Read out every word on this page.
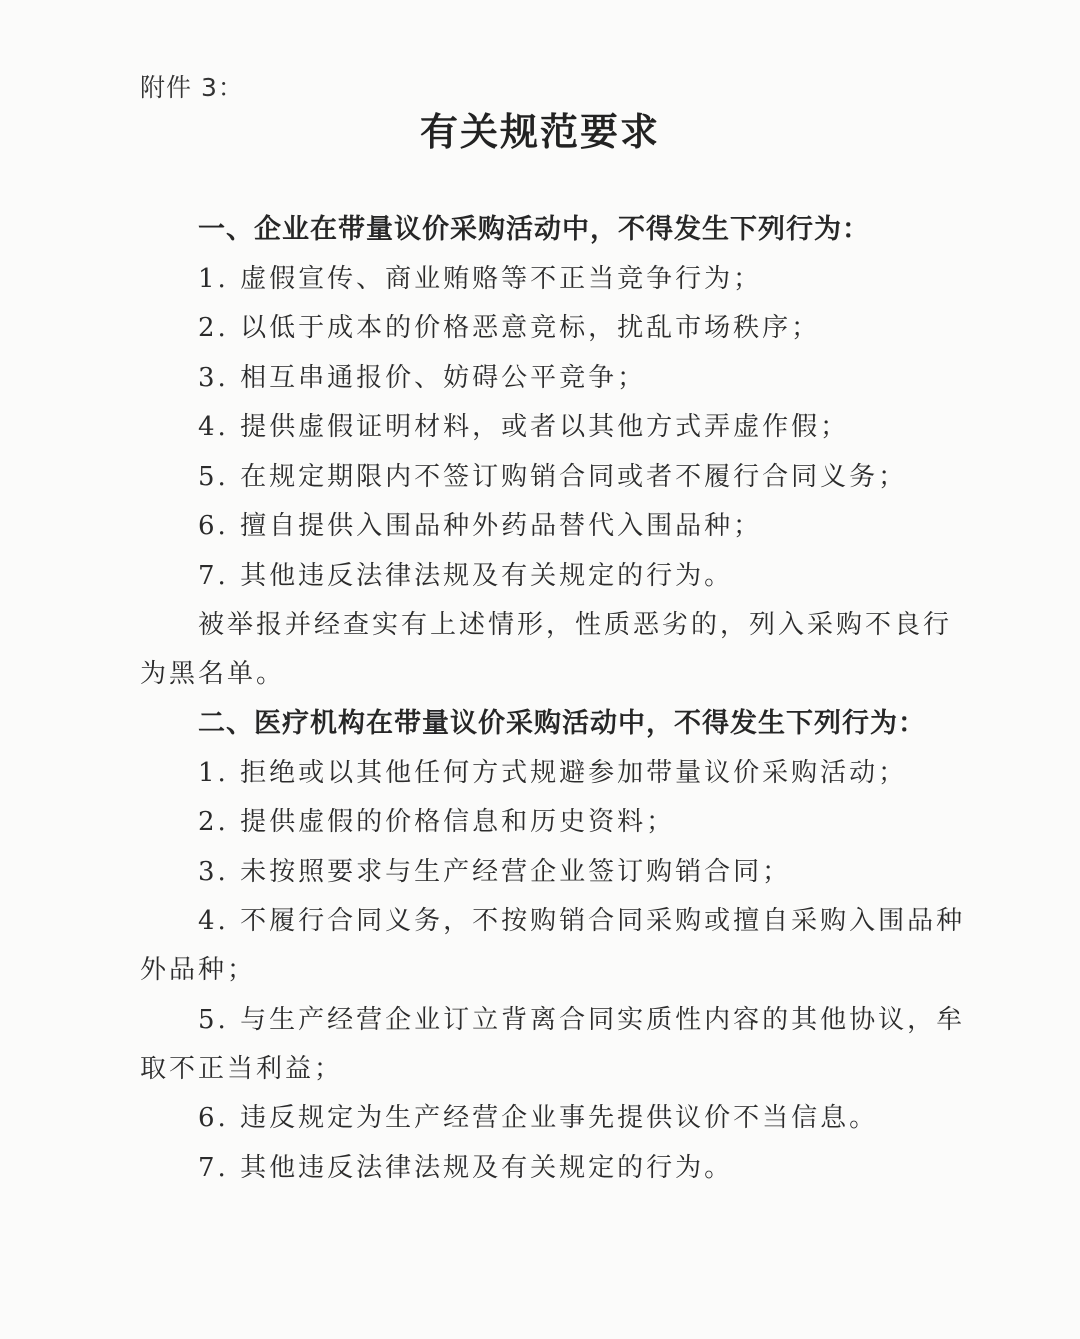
附件 3：
有关规范要求
一、企业在带量议价采购活动中，不得发生下列行为：
1. 虚假宣传、商业贿赂等不正当竞争行为；
2. 以低于成本的价格恶意竞标，扰乱市场秩序；
3. 相互串通报价、妨碍公平竞争；
4. 提供虚假证明材料，或者以其他方式弄虚作假；
5. 在规定期限内不签订购销合同或者不履行合同义务；
6. 擅自提供入围品种外药品替代入围品种；
7. 其他违反法律法规及有关规定的行为。
被举报并经查实有上述情形，性质恶劣的，列入采购不良行
为黑名单。
二、医疗机构在带量议价采购活动中，不得发生下列行为：
1. 拒绝或以其他任何方式规避参加带量议价采购活动；
2. 提供虚假的价格信息和历史资料；
3. 未按照要求与生产经营企业签订购销合同；
4. 不履行合同义务，不按购销合同采购或擅自采购入围品种
外品种；
5. 与生产经营企业订立背离合同实质性内容的其他协议，牟
取不正当利益；
6. 违反规定为生产经营企业事先提供议价不当信息。
7. 其他违反法律法规及有关规定的行为。
